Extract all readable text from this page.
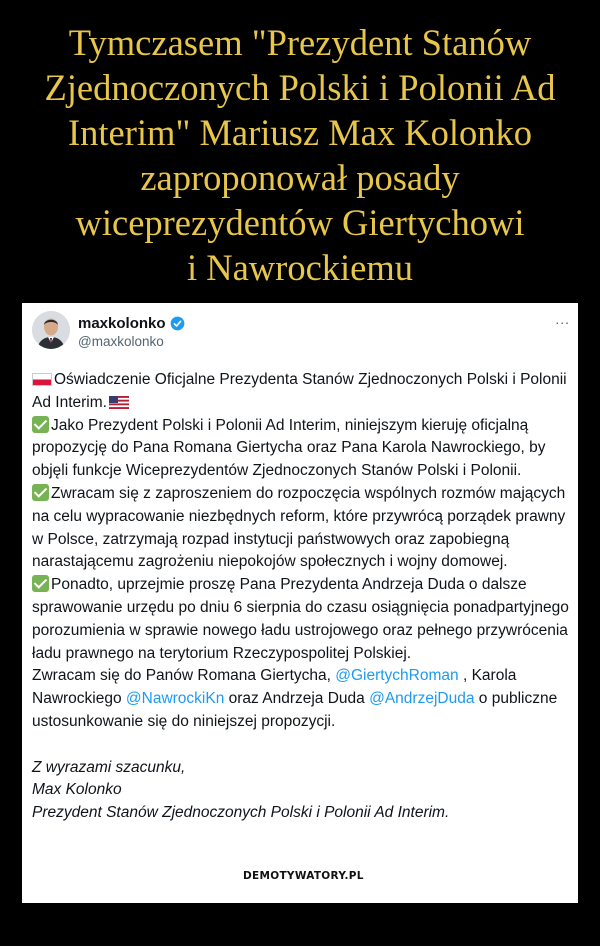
Tymczasem "Prezydent Stanów
Zjednoczonych Polski i Polonii Ad
Interim" Mariusz Max Kolonko
zaproponował posady
wiceprezydentów Giertychowi
i Nawrockiemu
maxkolonko
@maxkolonko
...

Oświadczenie Oficjalne Prezydenta Stanów Zjednoczonych Polski i Polonii Ad Interim.

Jako Prezydent Polski i Polonii Ad Interim, niniejszym kieruję oficjalną propozycję do Pana Romana Giertycha oraz Pana Karola Nawrockiego, by objęli funkcje Wiceprezydentów Zjednoczonych Stanów Polski i Polonii.

Zwracam się z zaproszeniem do rozpoczęcia wspólnych rozmów mających na celu wypracowanie niezbędnych reform, które przywrócą porządek prawny w Polsce, zatrzymają rozpad instytucji państwowych oraz zapobiegną narastającemu zagrożeniu niepokojów społecznych i wojny domowej.

Ponadto, uprzejmie proszę Pana Prezydenta Andrzeja Duda o dalsze sprawowanie urzędu po dniu 6 sierpnia do czasu osiągnięcia ponadpartyjnego porozumienia w sprawie nowego ładu ustrojowego oraz pełnego przywrócenia ładu prawnego na terytorium Rzeczypospolitej Polskiej.

Zwracam się do Panów Romana Giertycha, @GiertychRoman , Karola Nawrockiego @NawrockiKn oraz Andrzeja Duda @AndrzejDuda o publiczne ustosunkowanie się do niniejszej propozycji.

Z wyrazami szacunku,

Max Kolonko

Prezydent Stanów Zjednoczonych Polski i Polonii Ad Interim.

DEMOTYWATORY.PL
